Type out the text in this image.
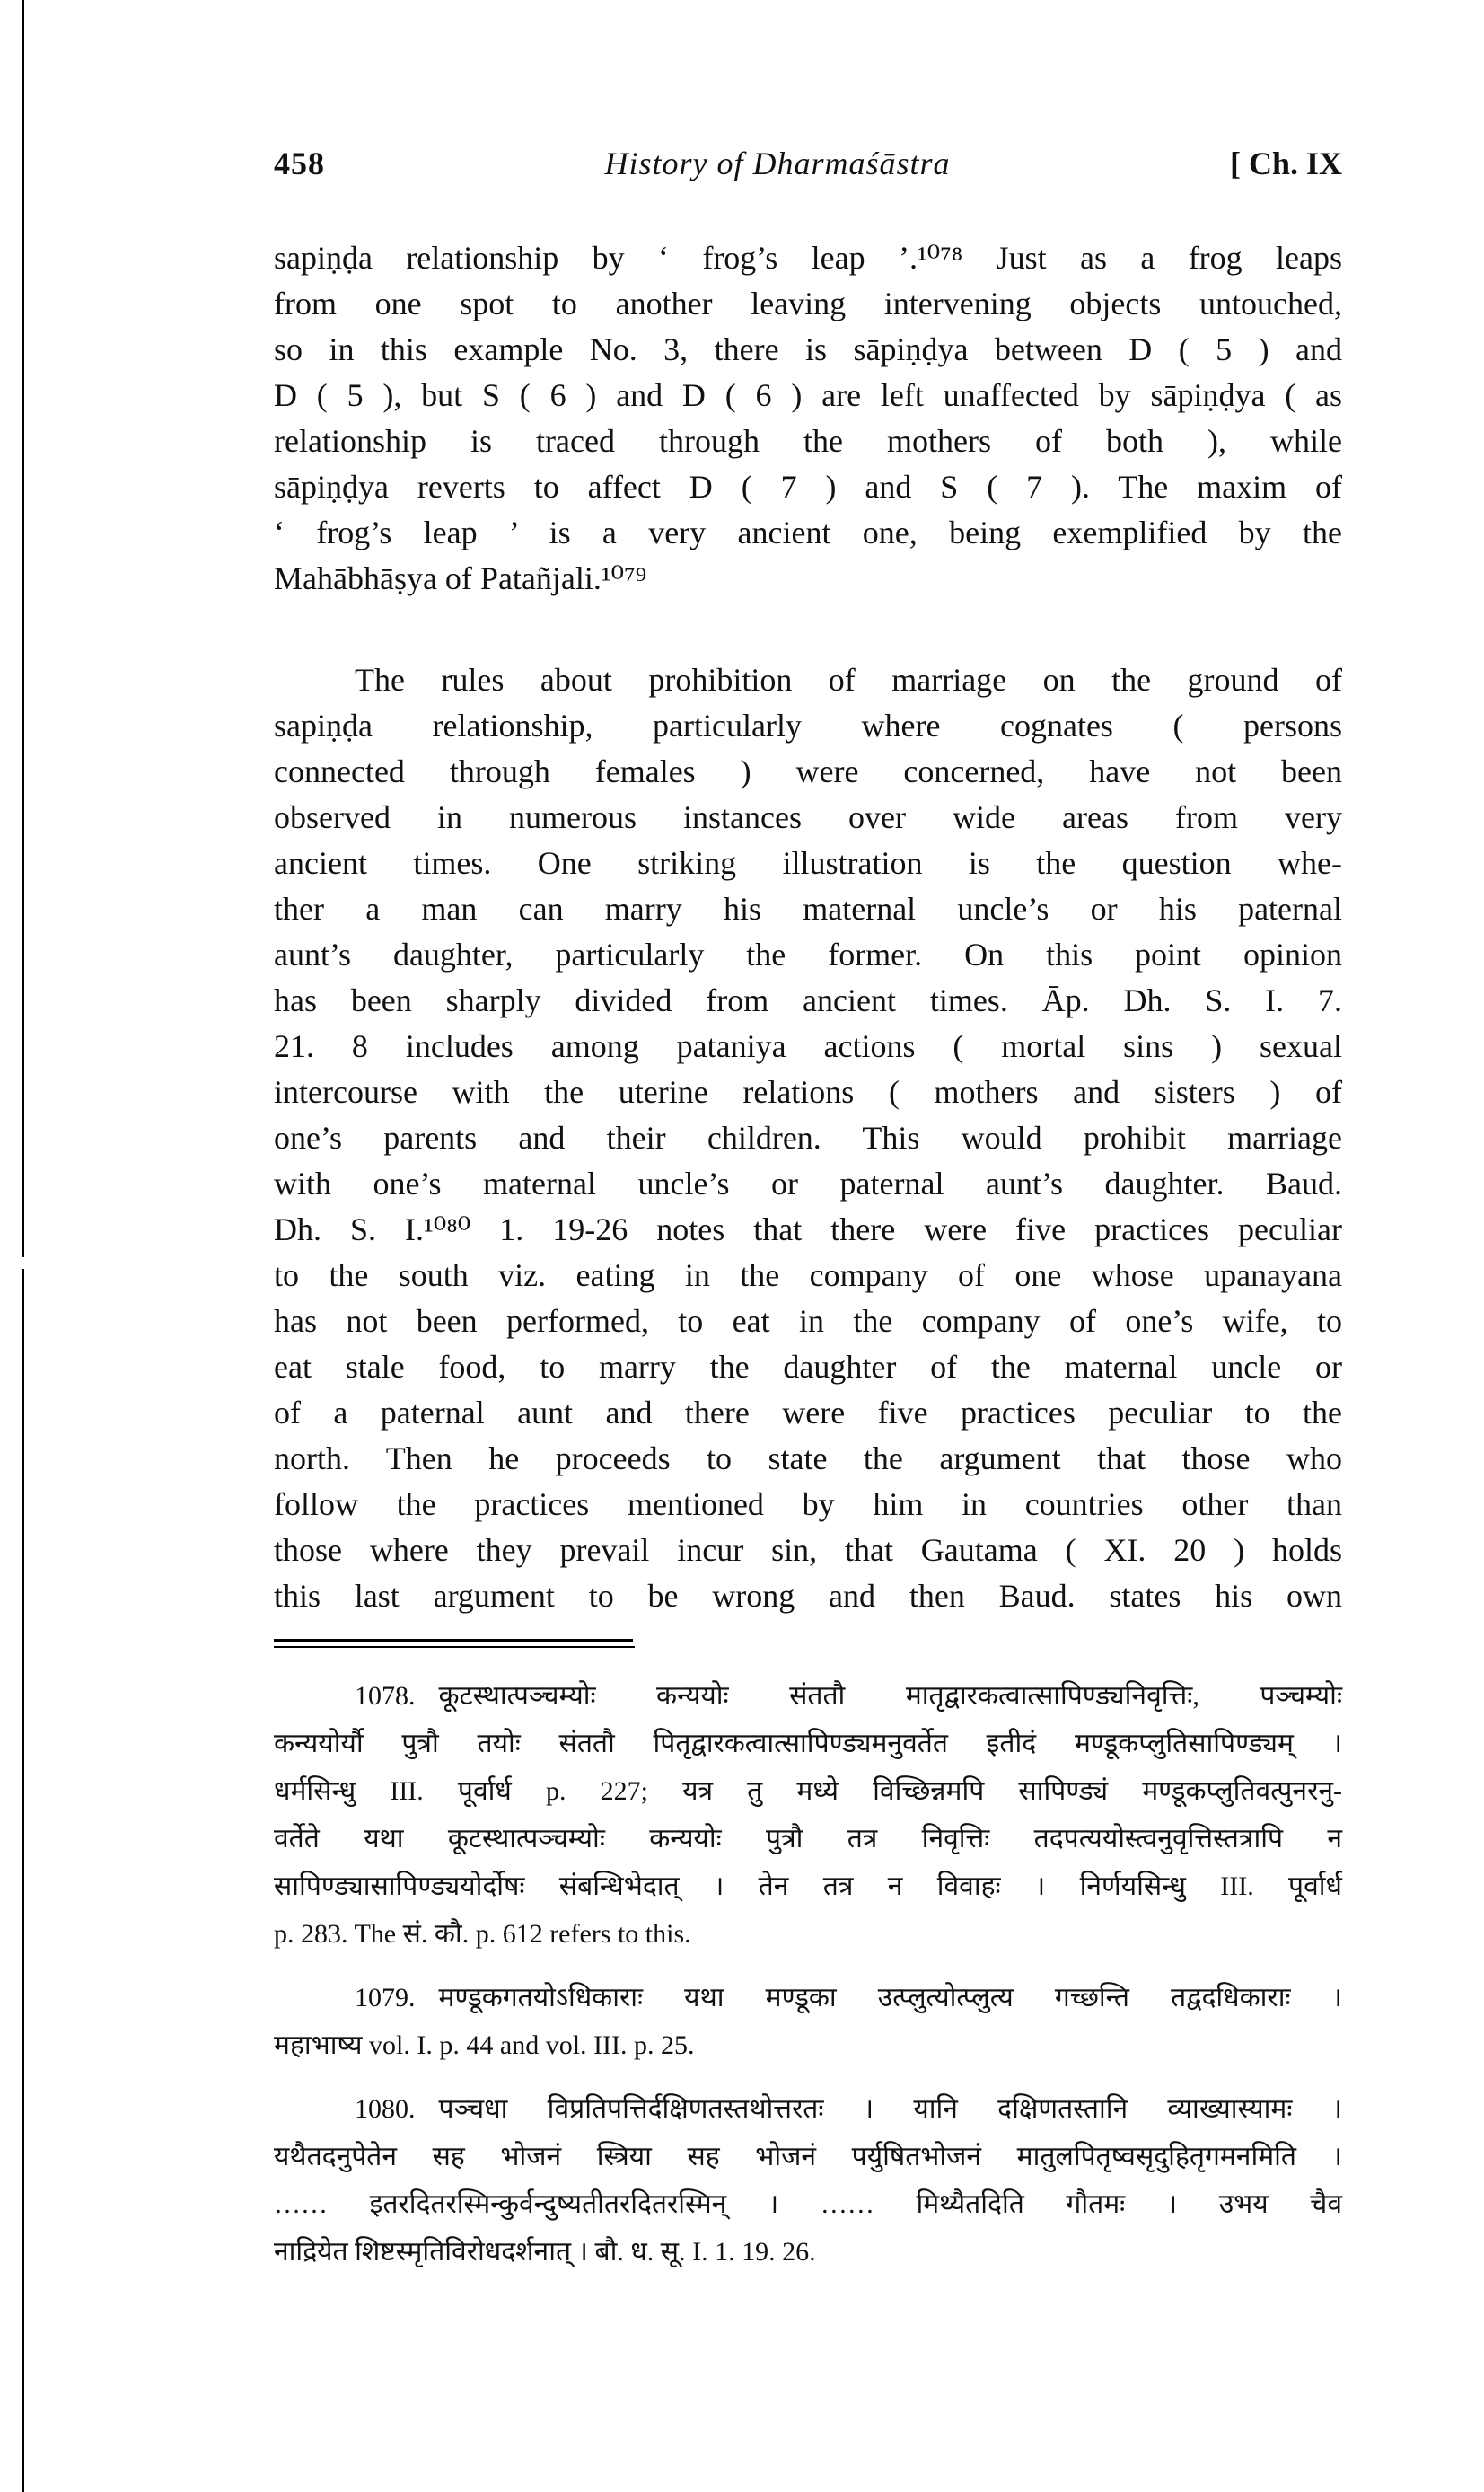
458	History of Dharmaśāstra	[ Ch. IX
sapiṇḍa relationship by ‘ frog’s leap ’.¹⁰⁷⁸ Just as a frog leaps
from one spot to another leaving intervening objects untouched,
so in this example No. 3, there is sāpiṇḍya between D ( 5 ) and
D ( 5 ), but S ( 6 ) and D ( 6 ) are left unaffected by sāpiṇḍya ( as
relationship is traced through the mothers of both ), while
sāpiṇḍya reverts to affect D ( 7 ) and S ( 7 ). The maxim of
‘ frog’s leap ’ is a very ancient one, being exemplified by the
Mahābhāṣya of Patañjali.¹⁰⁷⁹
The rules about prohibition of marriage on the ground of
sapiṇḍa relationship, particularly where cognates ( persons
connected through females ) were concerned, have not been
observed in numerous instances over wide areas from very
ancient times. One striking illustration is the question whe-
ther a man can marry his maternal uncle’s or his paternal
aunt’s daughter, particularly the former. On this point opinion
has been sharply divided from ancient times. Āp. Dh. S. I. 7.
21. 8 includes among pataniya actions ( mortal sins ) sexual
intercourse with the uterine relations ( mothers and sisters ) of
one’s parents and their children. This would prohibit marriage
with one’s maternal uncle’s or paternal aunt’s daughter. Baud.
Dh. S. I.¹⁰⁸⁰ 1. 19-26 notes that there were five practices peculiar
to the south viz. eating in the company of one whose upanayana
has not been performed, to eat in the company of one’s wife, to
eat stale food, to marry the daughter of the maternal uncle or
of a paternal aunt and there were five practices peculiar to the
north. Then he proceeds to state the argument that those who
follow the practices mentioned by him in countries other than
those where they prevail incur sin, that Gautama ( XI. 20 ) holds
this last argument to be wrong and then Baud. states his own
1078. कूटस्थात्पञ्चम्योः कन्ययोः संततौ मातृद्वारकत्वात्सापिण्ड्यनिवृत्तिः, पञ्चम्योः
कन्ययोर्यौ पुत्रौ तयोः संततौ पितृद्वारकत्वात्सापिण्ड्यमनुवर्तेत इतीदं मण्डूकप्लुतिसापिण्ड्यम् ।
धर्मसिन्धु III. पूर्वार्ध p. 227; यत्र तु मध्ये विच्छिन्नमपि सापिण्ड्यं मण्डूकप्लुतिवत्पुनरनु-
वर्तेते यथा कूटस्थात्पञ्चम्योः कन्ययोः पुत्रौ तत्र निवृत्तिः तदपत्ययोस्त्वनुवृत्तिस्तत्रापि न
सापिण्ड्यासापिण्ड्ययोर्दोषः संबन्धिभेदात् । तेन तत्र न विवाहः । निर्णयसिन्धु III. पूर्वार्ध
p. 283. The सं. कौ. p. 612 refers to this.
1079. मण्डूकगतयोऽधिकाराः यथा मण्डूका उत्प्लुत्योत्प्लुत्य गच्छन्ति तद्वदधिकाराः ।
महाभाष्य vol. I. p. 44 and vol. III. p. 25.
1080. पञ्चधा विप्रतिपत्तिर्दक्षिणतस्तथोत्तरतः । यानि दक्षिणतस्तानि व्याख्यास्यामः ।
यथैतदनुपेतेन सह भोजनं स्त्रिया सह भोजनं पर्युषितभोजनं मातुलपितृष्वसृदुहितृगमनमिति ।
…… इतरदितरस्मिन्कुर्वन्दुष्यतीतरदितरस्मिन् । …… मिथ्यैतदिति गौतमः । उभय चैव
नाद्रियेत शिष्टस्मृतिविरोधदर्शनात् । बौ. ध. सू. I. 1. 19. 26.
